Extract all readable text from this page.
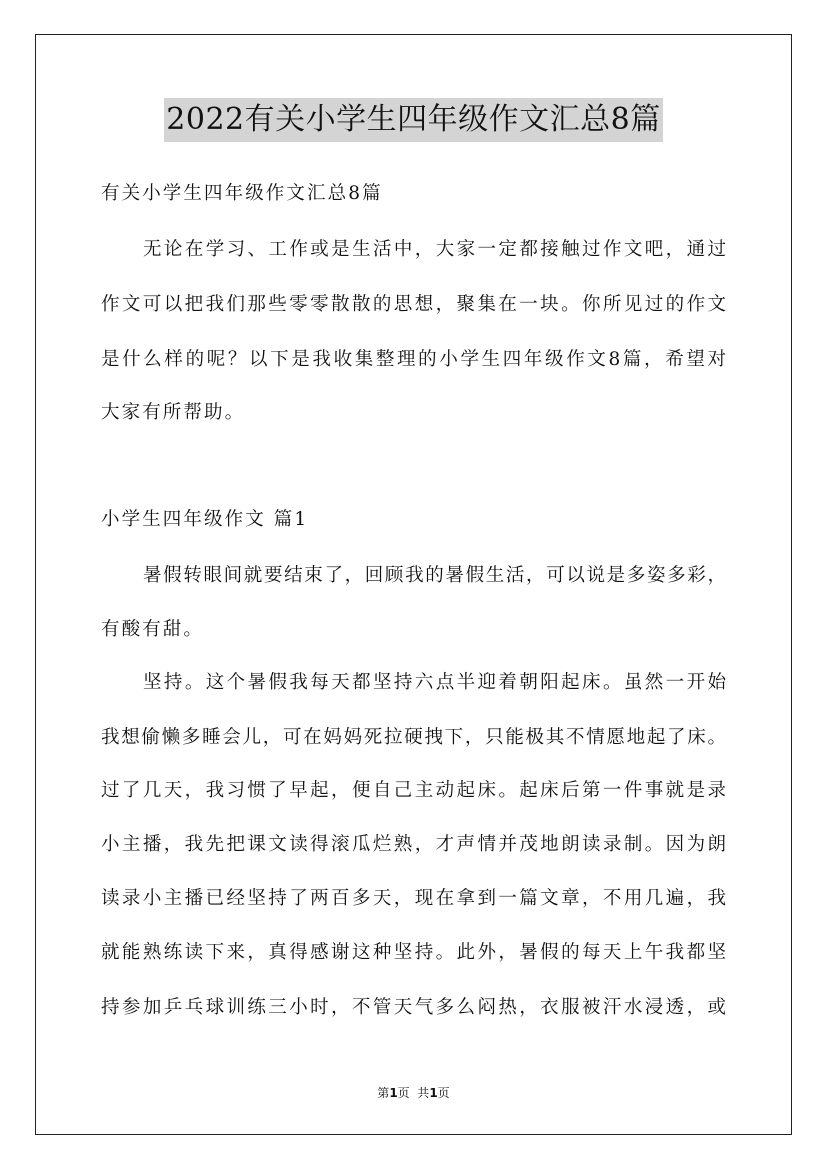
2022有关小学生四年级作文汇总8篇
有关小学生四年级作文汇总8篇
无论在学习、工作或是生活中，大家一定都接触过作文吧，通过
作文可以把我们那些零零散散的思想，聚集在一块。你所见过的作文
是什么样的呢？以下是我收集整理的小学生四年级作文8篇，希望对
大家有所帮助。
小学生四年级作文 篇1
暑假转眼间就要结束了，回顾我的暑假生活，可以说是多姿多彩，
有酸有甜。
坚持。这个暑假我每天都坚持六点半迎着朝阳起床。虽然一开始
我想偷懒多睡会儿，可在妈妈死拉硬拽下，只能极其不情愿地起了床。
过了几天，我习惯了早起，便自己主动起床。起床后第一件事就是录
小主播，我先把课文读得滚瓜烂熟，才声情并茂地朗读录制。因为朗
读录小主播已经坚持了两百多天，现在拿到一篇文章，不用几遍，我
就能熟练读下来，真得感谢这种坚持。此外，暑假的每天上午我都坚
持参加乒乓球训练三小时，不管天气多么闷热，衣服被汗水浸透，或
第1页  共1页
